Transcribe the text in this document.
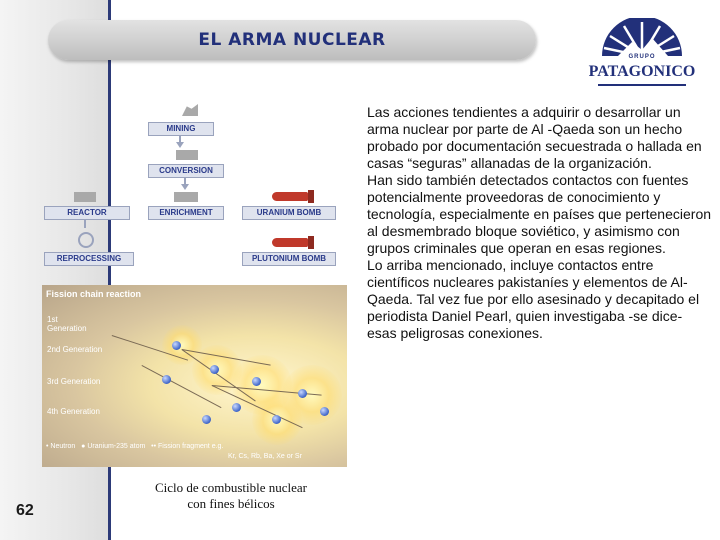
EL ARMA NUCLEAR
GRUPO
PATAGONICO
MINING
CONVERSION
REACTOR	ENRICHMENT	URANIUM BOMB
REPROCESSING	PLUTONIUM BOMB
Fission chain reaction
1st Generation
2nd Generation
3rd Generation
4th Generation
• Neutron ● Uranium-235 atom •• Fission fragment e.g.
Kr, Cs, Rb, Ba, Xe or Sr
Ciclo de combustible nuclear
con fines bélicos
62

Las acciones tendientes a adquirir o desarrollar un arma nuclear por parte de Al -Qaeda son un hecho probado por documentación secuestrada o hallada en casas “seguras” allanadas de la organización.

Han sido también detectados contactos con fuentes potencialmente proveedoras de conocimiento y tecnología, especialmente en países que pertenecieron al desmembrado bloque soviético, y asimismo con grupos criminales que operan en esas regiones.

Lo arriba mencionado, incluye contactos entre científicos nucleares pakistaníes y elementos de Al-Qaeda. Tal vez fue por ello asesinado y decapitado el periodista Daniel Pearl, quien investigaba -se dice- esas peligrosas conexiones.
